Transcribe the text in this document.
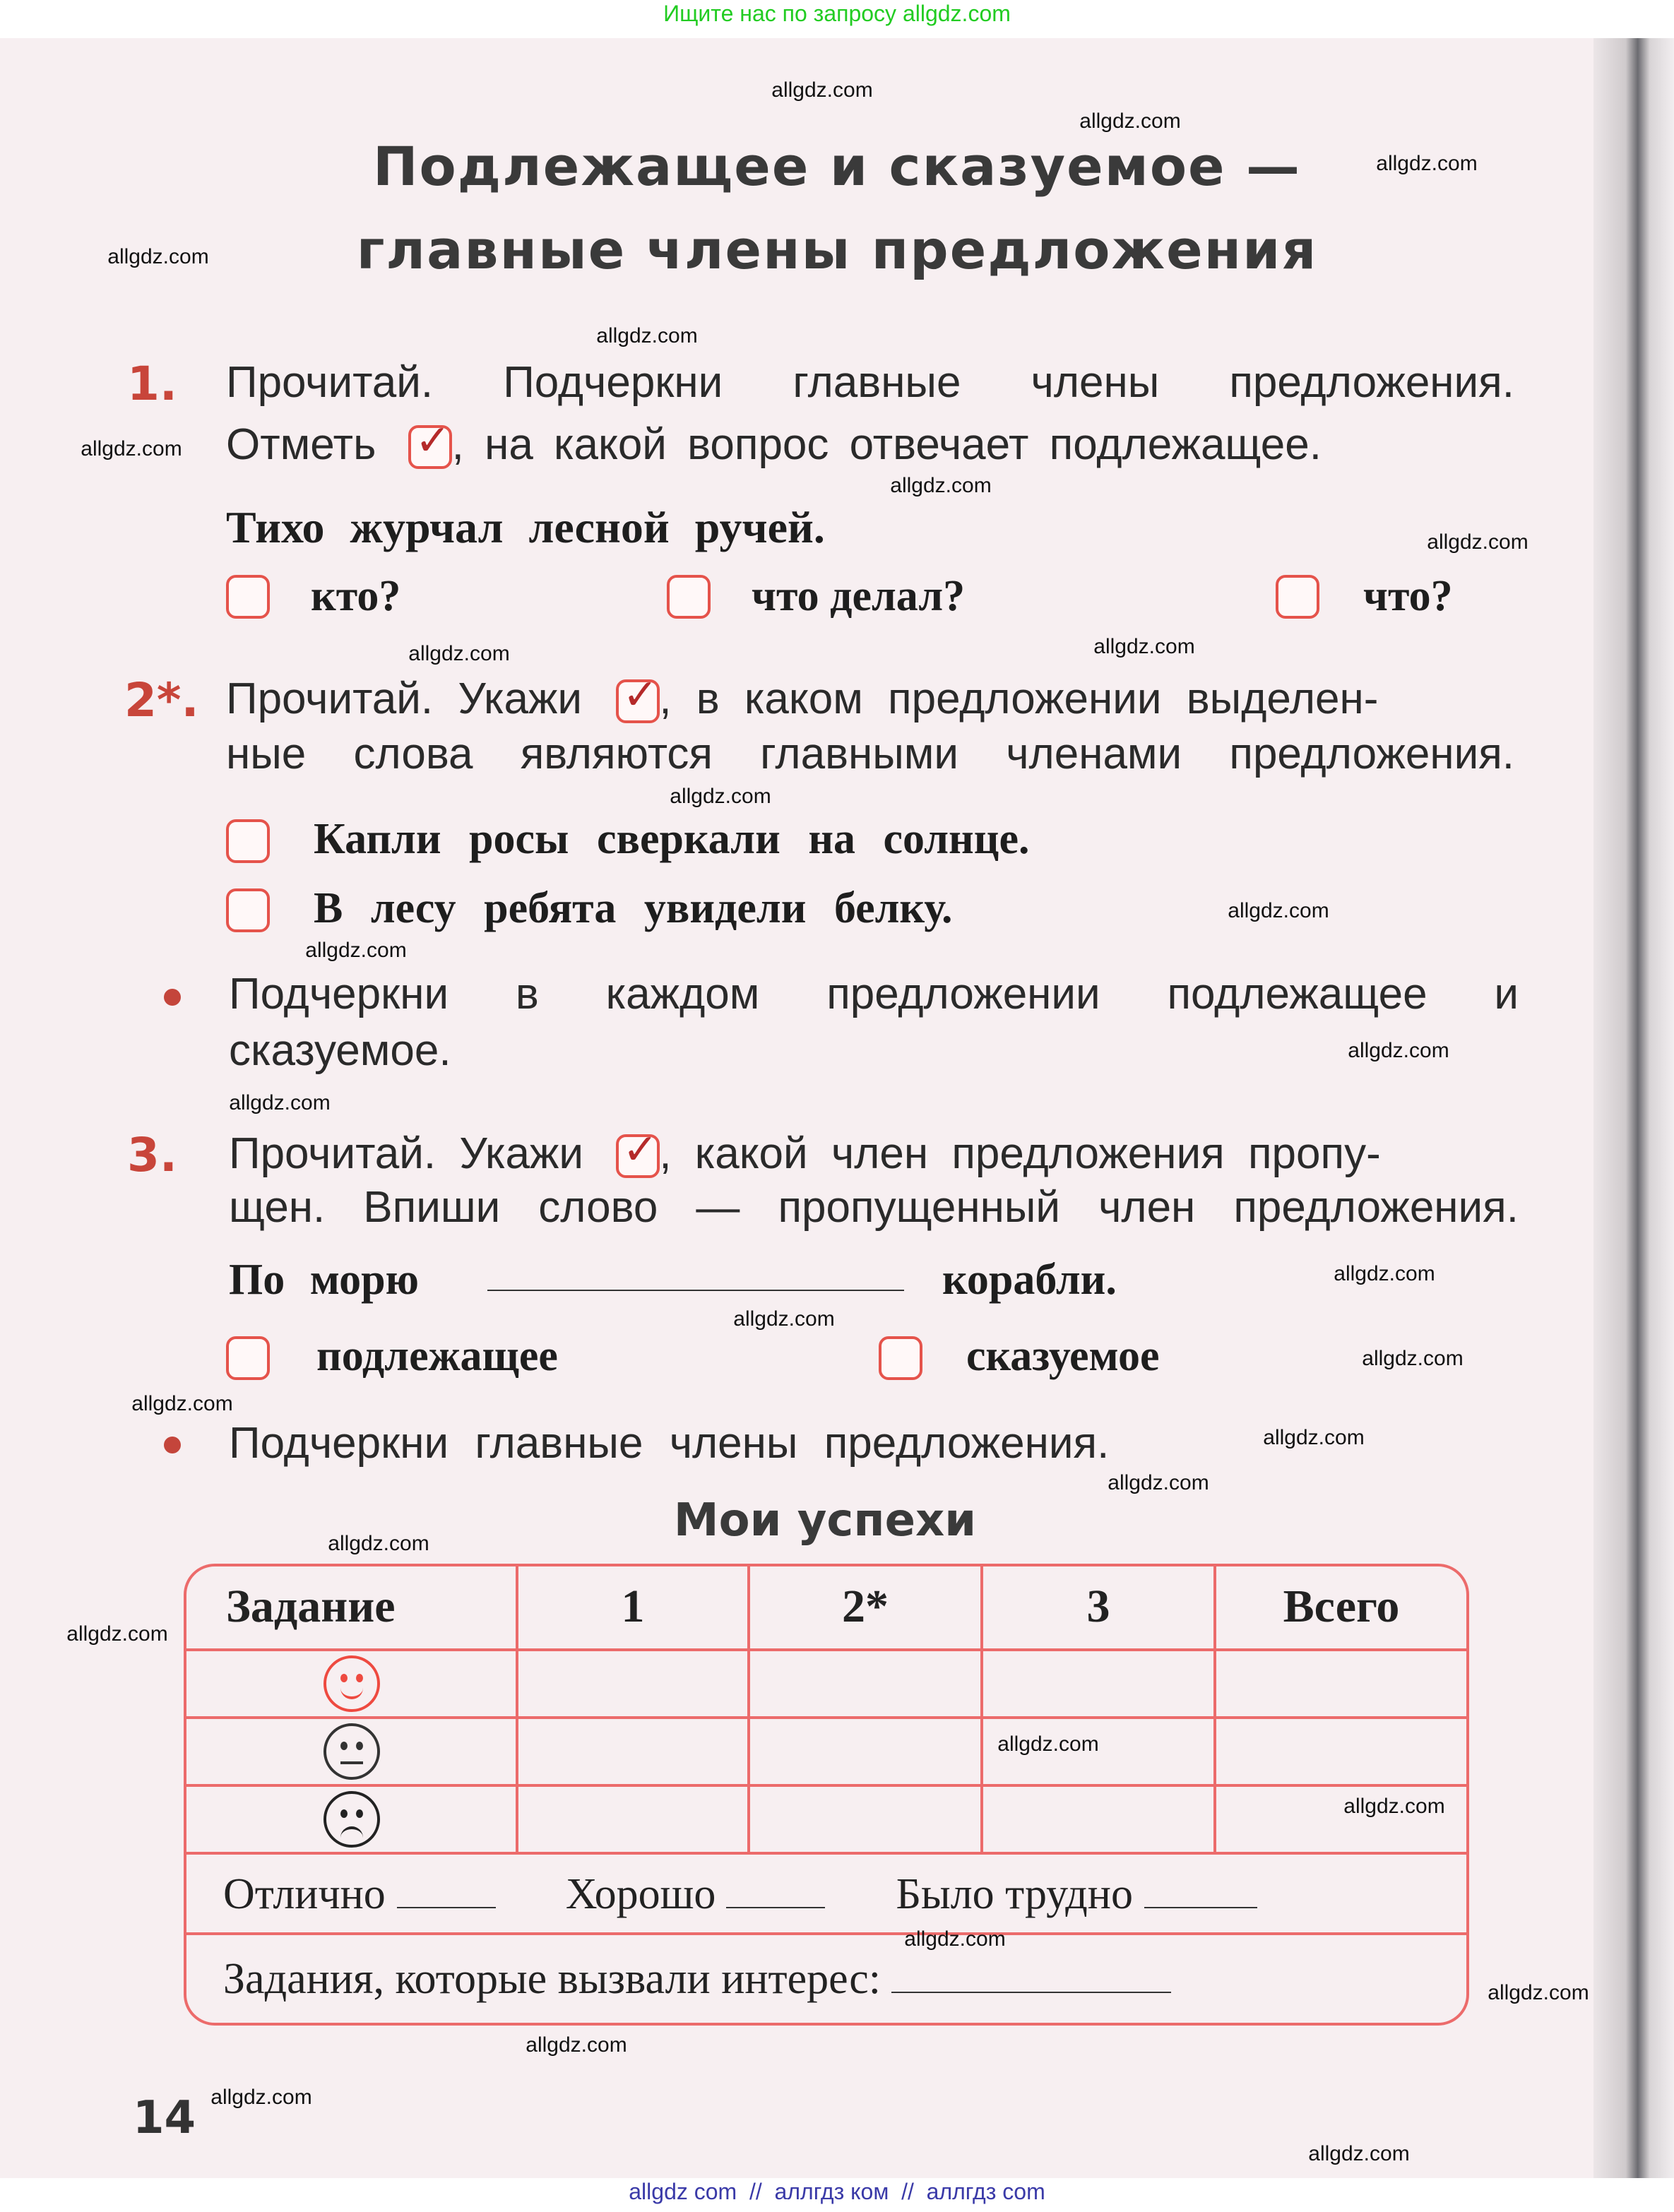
Ищите нас по запросу allgdz.com
Подлежащее и сказуемое —
главные члены предложения
1. Прочитай.	Подчеркни	главные	члены	предложения.
Отметь ✓	, на какой вопрос отвечает подлежащее.
Тихо журчал лесной ручей.
кто?	что делал?	что?
2*. Прочитай. Укажи ✓	, в каком предложении выделен-
ные слова являются главными членами предложения.
Капли росы сверкали на солнце.
В лесу ребята увидели белку.
Подчеркни в каждом предложении подлежащее и
сказуемое.
3. Прочитай. Укажи ✓	, какой член предложения пропу-
щен. Впиши слово — пропущенный член предложения.
По морю	корабли.
подлежащее	сказуемое
Подчеркни главные члены предложения.
Мои успехи
Задание	1	2*	3	Всего

Отлично Хорошо Было трудно				
Задания, которые вызвали интерес:				
14
allgdz com  //  аллгдз ком  //  аллгдз com
allgdz.com
allgdz.com
allgdz.com
allgdz.com
allgdz.com
allgdz.com
allgdz.com
allgdz.com
allgdz.com
allgdz.com
allgdz.com
allgdz.com
allgdz.com
allgdz.com
allgdz.com
allgdz.com
allgdz.com
allgdz.com
allgdz.com
allgdz.com
allgdz.com
allgdz.com
allgdz.com
allgdz.com
allgdz.com
allgdz.com
allgdz.com
allgdz.com
allgdz.com
allgdz.com
